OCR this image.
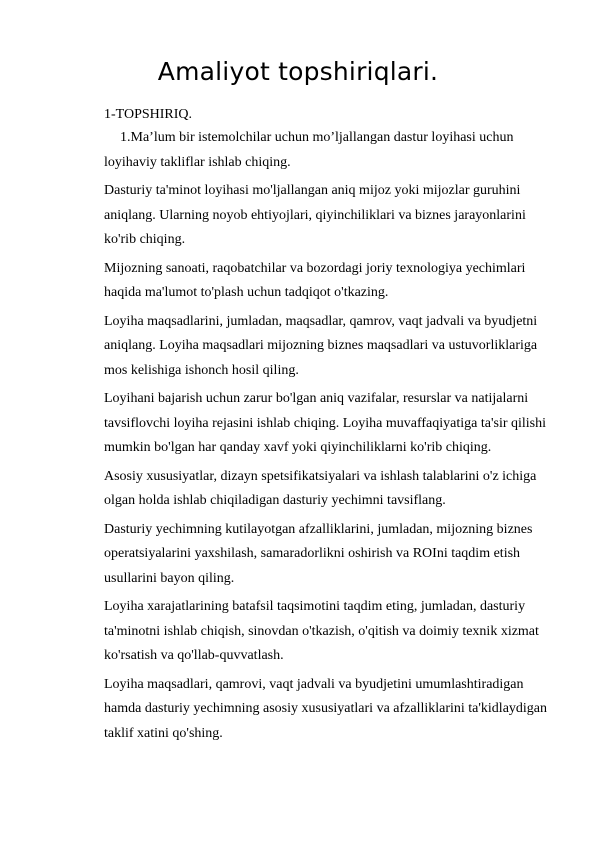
Amaliyot topshiriqlari.
1-TOPSHIRIQ.
1.Ma’lum bir istemolchilar uchun mo’ljallangan dastur loyihasi uchun loyihaviy takliflar ishlab chiqing.
Dasturiy ta'minot loyihasi mo'ljallangan aniq mijoz yoki mijozlar guruhini aniqlang. Ularning noyob ehtiyojlari, qiyinchiliklari va biznes jarayonlarini ko'rib chiqing.
Mijozning sanoati, raqobatchilar va bozordagi joriy texnologiya yechimlari haqida ma'lumot to'plash uchun tadqiqot o'tkazing.
Loyiha maqsadlarini, jumladan, maqsadlar, qamrov, vaqt jadvali va byudjetni aniqlang. Loyiha maqsadlari mijozning biznes maqsadlari va ustuvorliklariga mos kelishiga ishonch hosil qiling.
Loyihani bajarish uchun zarur bo'lgan aniq vazifalar, resurslar va natijalarni tavsiflovchi loyiha rejasini ishlab chiqing. Loyiha muvaffaqiyatiga ta'sir qilishi mumkin bo'lgan har qanday xavf yoki qiyinchiliklarni ko'rib chiqing.
Asosiy xususiyatlar, dizayn spetsifikatsiyalari va ishlash talablarini o'z ichiga olgan holda ishlab chiqiladigan dasturiy yechimni tavsiflang.
Dasturiy yechimning kutilayotgan afzalliklarini, jumladan, mijozning biznes operatsiyalarini yaxshilash, samaradorlikni oshirish va ROIni taqdim etish usullarini bayon qiling.
Loyiha xarajatlarining batafsil taqsimotini taqdim eting, jumladan, dasturiy ta'minotni ishlab chiqish, sinovdan o'tkazish, o'qitish va doimiy texnik xizmat ko'rsatish va qo'llab-quvvatlash.
Loyiha maqsadlari, qamrovi, vaqt jadvali va byudjetini umumlashtiradigan hamda dasturiy yechimning asosiy xususiyatlari va afzalliklarini ta'kidlaydigan taklif xatini qo'shing.
